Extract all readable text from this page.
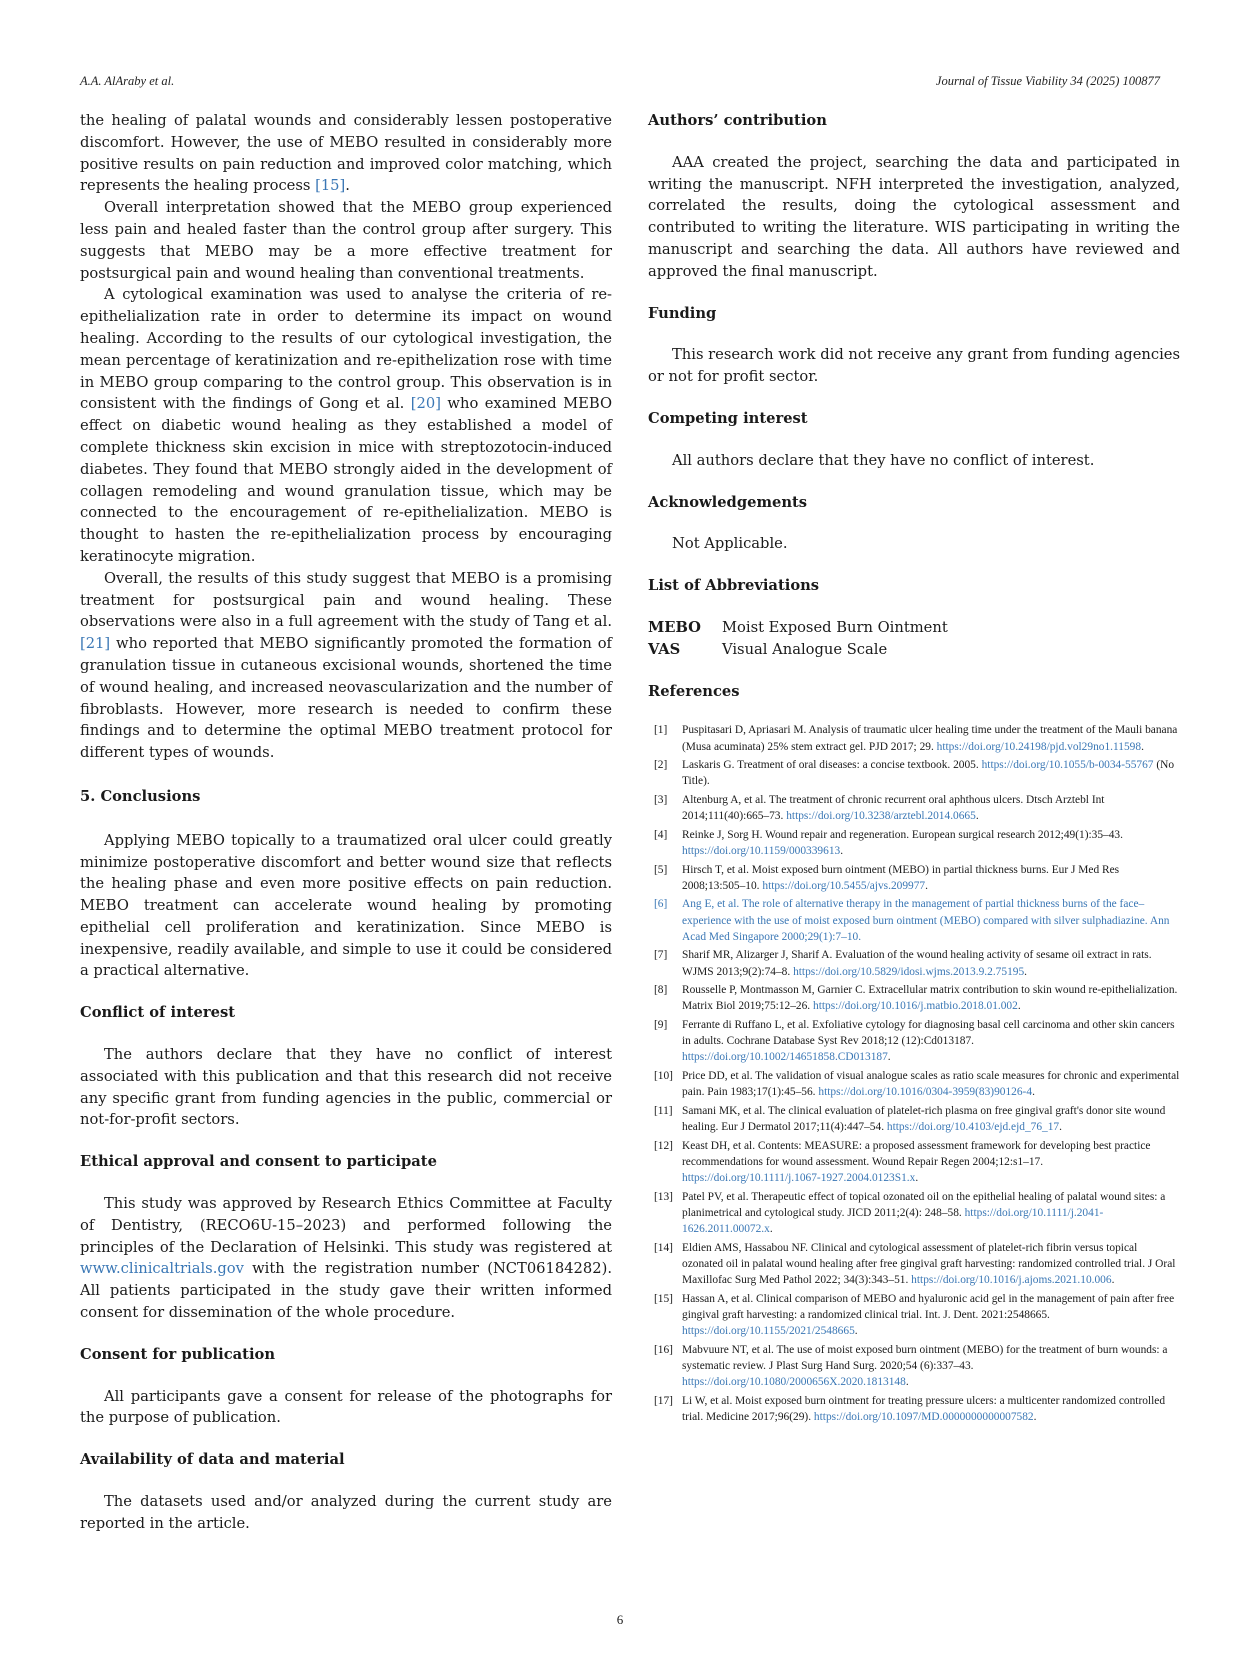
A.A. AlAraby et al.	Journal of Tissue Viability 34 (2025) 100877

the healing of palatal wounds and considerably lessen postoperative discomfort. However, the use of MEBO resulted in considerably more positive results on pain reduction and improved color matching, which represents the healing process [15].

Overall interpretation showed that the MEBO group experienced less pain and healed faster than the control group after surgery. This suggests that MEBO may be a more effective treatment for postsurgical pain and wound healing than conventional treatments.

A cytological examination was used to analyse the criteria of re-epithelialization rate in order to determine its impact on wound healing. According to the results of our cytological investigation, the mean percentage of keratinization and re-epithelization rose with time in MEBO group comparing to the control group. This observation is in consistent with the findings of Gong et al. [20] who examined MEBO effect on diabetic wound healing as they established a model of complete thickness skin excision in mice with streptozotocin-induced diabetes. They found that MEBO strongly aided in the development of collagen remodeling and wound granulation tissue, which may be connected to the encouragement of re-epithelialization. MEBO is thought to hasten the re-epithelialization process by encouraging keratinocyte migration.

Overall, the results of this study suggest that MEBO is a promising treatment for postsurgical pain and wound healing. These observations were also in a full agreement with the study of Tang et al. [21] who reported that MEBO significantly promoted the formation of granulation tissue in cutaneous excisional wounds, shortened the time of wound healing, and increased neovascularization and the number of fibroblasts. However, more research is needed to confirm these findings and to determine the optimal MEBO treatment protocol for different types of wounds.

5. Conclusions

Applying MEBO topically to a traumatized oral ulcer could greatly minimize postoperative discomfort and better wound size that reflects the healing phase and even more positive effects on pain reduction. MEBO treatment can accelerate wound healing by promoting epithelial cell proliferation and keratinization. Since MEBO is inexpensive, readily available, and simple to use it could be considered a practical alternative.

Conflict of interest

The authors declare that they have no conflict of interest associated with this publication and that this research did not receive any specific grant from funding agencies in the public, commercial or not-for-profit sectors.

Ethical approval and consent to participate

This study was approved by Research Ethics Committee at Faculty of Dentistry, (RECO6U-15–2023) and performed following the principles of the Declaration of Helsinki. This study was registered at www.clinicaltrials.gov with the registration number (NCT06184282). All patients participated in the study gave their written informed consent for dissemination of the whole procedure.

Consent for publication

All participants gave a consent for release of the photographs for the purpose of publication.

Availability of data and material

The datasets used and/or analyzed during the current study are reported in the article.

Authors’ contribution

AAA created the project, searching the data and participated in writing the manuscript. NFH interpreted the investigation, analyzed, correlated the results, doing the cytological assessment and contributed to writing the literature. WIS participating in writing the manuscript and searching the data. All authors have reviewed and approved the final manuscript.

Funding

This research work did not receive any grant from funding agencies or not for profit sector.

Competing interest

All authors declare that they have no conflict of interest.

Acknowledgements

Not Applicable.

List of Abbreviations
MEBO	Moist Exposed Burn Ointment
VAS	Visual Analogue Scale
References
[1] Puspitasari D, Apriasari M. Analysis of traumatic ulcer healing time under the treatment of the Mauli banana (Musa acuminata) 25% stem extract gel. PJD 2017; 29. https://doi.org/10.24198/pjd.vol29no1.11598.
[2] Laskaris G. Treatment of oral diseases: a concise textbook. 2005. https://doi.org/10.1055/b-0034-55767 (No Title).
[3] Altenburg A, et al. The treatment of chronic recurrent oral aphthous ulcers. Dtsch Arztebl Int 2014;111(40):665–73. https://doi.org/10.3238/arztebl.2014.0665.
[4] Reinke J, Sorg H. Wound repair and regeneration. European surgical research 2012;49(1):35–43. https://doi.org/10.1159/000339613.
[5] Hirsch T, et al. Moist exposed burn ointment (MEBO) in partial thickness burns. Eur J Med Res 2008;13:505–10. https://doi.org/10.5455/ajvs.209977.
[6] Ang E, et al. The role of alternative therapy in the management of partial thickness burns of the face–experience with the use of moist exposed burn ointment (MEBO) compared with silver sulphadiazine. Ann Acad Med Singapore 2000;29(1):7–10.
[7] Sharif MR, Alizarger J, Sharif A. Evaluation of the wound healing activity of sesame oil extract in rats. WJMS 2013;9(2):74–8. https://doi.org/10.5829/idosi.wjms.2013.9.2.75195.
[8] Rousselle P, Montmasson M, Garnier C. Extracellular matrix contribution to skin wound re-epithelialization. Matrix Biol 2019;75:12–26. https://doi.org/10.1016/j.matbio.2018.01.002.
[9] Ferrante di Ruffano L, et al. Exfoliative cytology for diagnosing basal cell carcinoma and other skin cancers in adults. Cochrane Database Syst Rev 2018;12 (12):Cd013187. https://doi.org/10.1002/14651858.CD013187.
[10] Price DD, et al. The validation of visual analogue scales as ratio scale measures for chronic and experimental pain. Pain 1983;17(1):45–56. https://doi.org/10.1016/0304-3959(83)90126-4.
[11] Samani MK, et al. The clinical evaluation of platelet-rich plasma on free gingival graft's donor site wound healing. Eur J Dermatol 2017;11(4):447–54. https://doi.org/10.4103/ejd.ejd_76_17.
[12] Keast DH, et al. Contents: MEASURE: a proposed assessment framework for developing best practice recommendations for wound assessment. Wound Repair Regen 2004;12:s1–17. https://doi.org/10.1111/j.1067-1927.2004.0123S1.x.
[13] Patel PV, et al. Therapeutic effect of topical ozonated oil on the epithelial healing of palatal wound sites: a planimetrical and cytological study. JICD 2011;2(4): 248–58. https://doi.org/10.1111/j.2041-1626.2011.00072.x.
[14] Eldien AMS, Hassabou NF. Clinical and cytological assessment of platelet-rich fibrin versus topical ozonated oil in palatal wound healing after free gingival graft harvesting: randomized controlled trial. J Oral Maxillofac Surg Med Pathol 2022; 34(3):343–51. https://doi.org/10.1016/j.ajoms.2021.10.006.
[15] Hassan A, et al. Clinical comparison of MEBO and hyaluronic acid gel in the management of pain after free gingival graft harvesting: a randomized clinical trial. Int. J. Dent. 2021:2548665. https://doi.org/10.1155/2021/2548665.
[16] Mabvuure NT, et al. The use of moist exposed burn ointment (MEBO) for the treatment of burn wounds: a systematic review. J Plast Surg Hand Surg. 2020;54 (6):337–43. https://doi.org/10.1080/2000656X.2020.1813148.
[17] Li W, et al. Moist exposed burn ointment for treating pressure ulcers: a multicenter randomized controlled trial. Medicine 2017;96(29). https://doi.org/10.1097/MD.0000000000007582.
6
